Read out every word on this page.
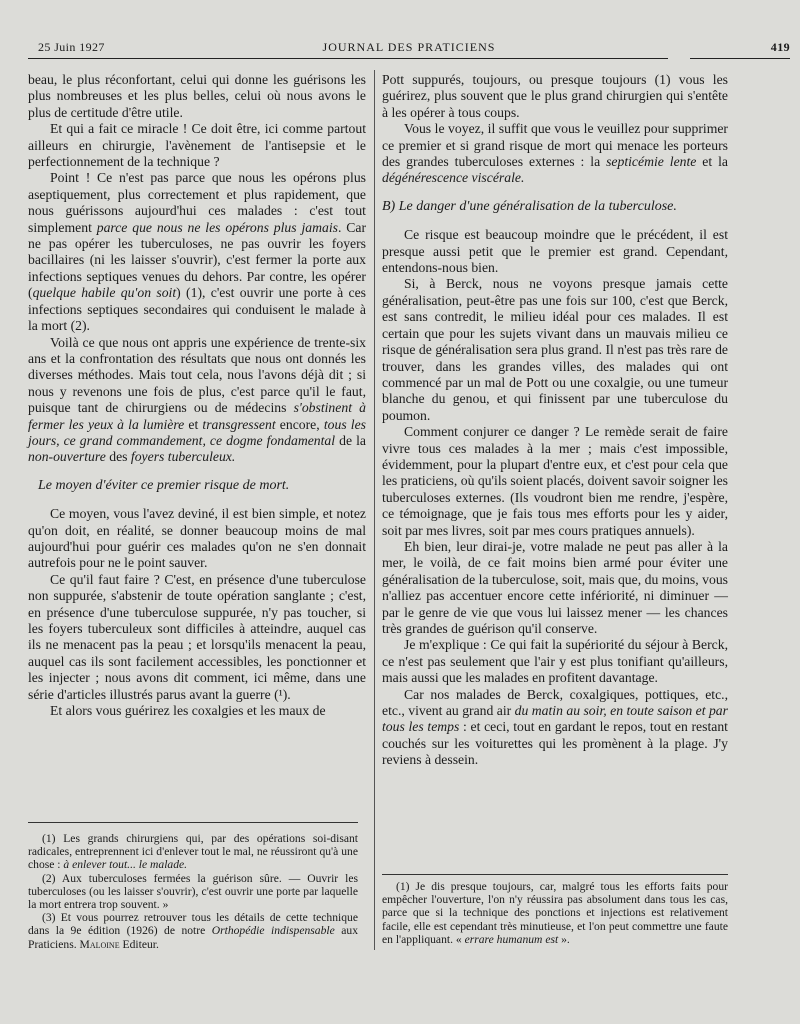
25 Juin 1927	JOURNAL DES PRATICIENS	419

beau, le plus réconfortant, celui qui donne les guérisons les plus nombreuses et les plus belles, celui où nous avons le plus de certitude d'être utile.

Et qui a fait ce miracle ! Ce doit être, ici comme partout ailleurs en chirurgie, l'avènement de l'antisepsie et le perfectionnement de la technique ?

Point ! Ce n'est pas parce que nous les opérons plus aseptiquement, plus correctement et plus rapidement, que nous guérissons aujourd'hui ces malades : c'est tout simplement parce que nous ne les opérons plus jamais. Car ne pas opérer les tuberculoses, ne pas ouvrir les foyers bacillaires (ni les laisser s'ouvrir), c'est fermer la porte aux infections septiques venues du dehors. Par contre, les opérer (quelque habile qu'on soit) (1), c'est ouvrir une porte à ces infections septiques secondaires qui conduisent le malade à la mort (2).

Voilà ce que nous ont appris une expérience de trente-six ans et la confrontation des résultats que nous ont donnés les diverses méthodes. Mais tout cela, nous l'avons déjà dit ; si nous y revenons une fois de plus, c'est parce qu'il le faut, puisque tant de chirurgiens ou de médecins s'obstinent à fermer les yeux à la lumière et transgressent encore, tous les jours, ce grand commandement, ce dogme fondamental de la non-ouverture des foyers tuberculeux.

Le moyen d'éviter ce premier risque de mort.

Ce moyen, vous l'avez deviné, il est bien simple, et notez qu'on doit, en réalité, se donner beaucoup moins de mal aujourd'hui pour guérir ces malades qu'on ne s'en donnait autrefois pour ne le point sauver.

Ce qu'il faut faire ? C'est, en présence d'une tuberculose non suppurée, s'abstenir de toute opération sanglante ; c'est, en présence d'une tuberculose suppurée, n'y pas toucher, si les foyers tuberculeux sont difficiles à atteindre, auquel cas ils ne menacent pas la peau ; et lorsqu'ils menacent la peau, auquel cas ils sont facilement accessibles, les ponctionner et les injecter ; nous avons dit comment, ici même, dans une série d'articles illustrés parus avant la guerre (¹).

Et alors vous guérirez les coxalgies et les maux de

Pott suppurés, toujours, ou presque toujours (1) vous les guérirez, plus souvent que le plus grand chirurgien qui s'entête à les opérer à tous coups.

Vous le voyez, il suffit que vous le veuillez pour supprimer ce premier et si grand risque de mort qui menace les porteurs des grandes tuberculoses externes : la septicémie lente et la dégénérescence viscérale.

B) Le danger d'une généralisation de la tuberculose.

Ce risque est beaucoup moindre que le précédent, il est presque aussi petit que le premier est grand. Cependant, entendons-nous bien.

Si, à Berck, nous ne voyons presque jamais cette généralisation, peut-être pas une fois sur 100, c'est que Berck, est sans contredit, le milieu idéal pour ces malades. Il est certain que pour les sujets vivant dans un mauvais milieu ce risque de généralisation sera plus grand. Il n'est pas très rare de trouver, dans les grandes villes, des malades qui ont commencé par un mal de Pott ou une coxalgie, ou une tumeur blanche du genou, et qui finissent par une tuberculose du poumon.

Comment conjurer ce danger ? Le remède serait de faire vivre tous ces malades à la mer ; mais c'est impossible, évidemment, pour la plupart d'entre eux, et c'est pour cela que les praticiens, où qu'ils soient placés, doivent savoir soigner les tuberculoses externes. (Ils voudront bien me rendre, j'espère, ce témoignage, que je fais tous mes efforts pour les y aider, soit par mes livres, soit par mes cours pratiques annuels).

Eh bien, leur dirai-je, votre malade ne peut pas aller à la mer, le voilà, de ce fait moins bien armé pour éviter une généralisation de la tuberculose, soit, mais que, du moins, vous n'alliez pas accentuer encore cette infériorité, ni diminuer — par le genre de vie que vous lui laissez mener — les chances très grandes de guérison qu'il conserve.

Je m'explique : Ce qui fait la supériorité du séjour à Berck, ce n'est pas seulement que l'air y est plus tonifiant qu'ailleurs, mais aussi que les malades en profitent davantage.

Car nos malades de Berck, coxalgiques, pottiques, etc., etc., vivent au grand air du matin au soir, en toute saison et par tous les temps : et ceci, tout en gardant le repos, tout en restant couchés sur les voiturettes qui les promènent à la plage. J'y reviens à dessein.

(1) Les grands chirurgiens qui, par des opérations soi-disant radicales, entreprennent ici d'enlever tout le mal, ne réussiront qu'à une chose : à enlever tout... le malade.

(2) Aux tuberculoses fermées la guérison sûre. — Ouvrir les tuberculoses (ou les laisser s'ouvrir), c'est ouvrir une porte par laquelle la mort entrera trop souvent. »

(3) Et vous pourrez retrouver tous les détails de cette technique dans la 9e édition (1926) de notre Orthopédie indispensable aux Praticiens. Maloine Editeur.

(1) Je dis presque toujours, car, malgré tous les efforts faits pour empêcher l'ouverture, l'on n'y réussira pas absolument dans tous les cas, parce que si la technique des ponctions et injections est relativement facile, elle est cependant très minutieuse, et l'on peut commettre une faute en l'appliquant. « errare humanum est ».
